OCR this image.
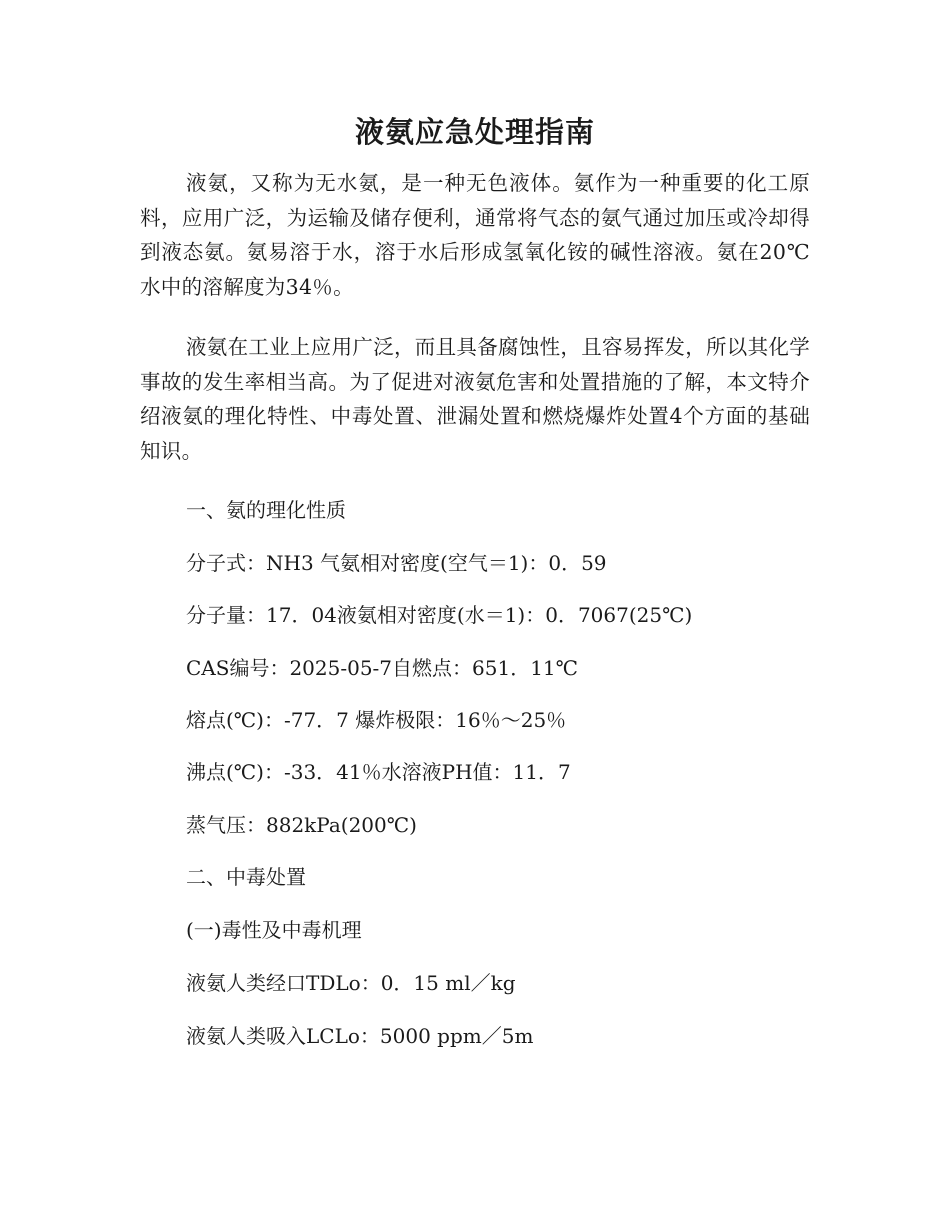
液氨应急处理指南

液氨，又称为无水氨，是一种无色液体。氨作为一种重要的化工原料，应用广泛，为运输及储存便利，通常将气态的氨气通过加压或冷却得到液态氨。氨易溶于水，溶于水后形成氢氧化铵的碱性溶液。氨在20℃水中的溶解度为34％。

液氨在工业上应用广泛，而且具备腐蚀性，且容易挥发，所以其化学事故的发生率相当高。为了促进对液氨危害和处置措施的了解，本文特介绍液氨的理化特性、中毒处置、泄漏处置和燃烧爆炸处置4个方面的基础知识。

一、氨的理化性质

分子式：NH3 气氨相对密度(空气＝1)：0．59

分子量：17．04液氨相对密度(水＝1)：0．7067(25℃)

CAS编号：2025-05-7自燃点：651．11℃

熔点(℃)：-77．7 爆炸极限：16％～25％

沸点(℃)：-33．41％水溶液PH值：11．7

蒸气压：882kPa(200℃)

二、中毒处置

(一)毒性及中毒机理

液氨人类经口TDLo：0．15 ml／kg

液氨人类吸入LCLo：5000 ppm／5m
